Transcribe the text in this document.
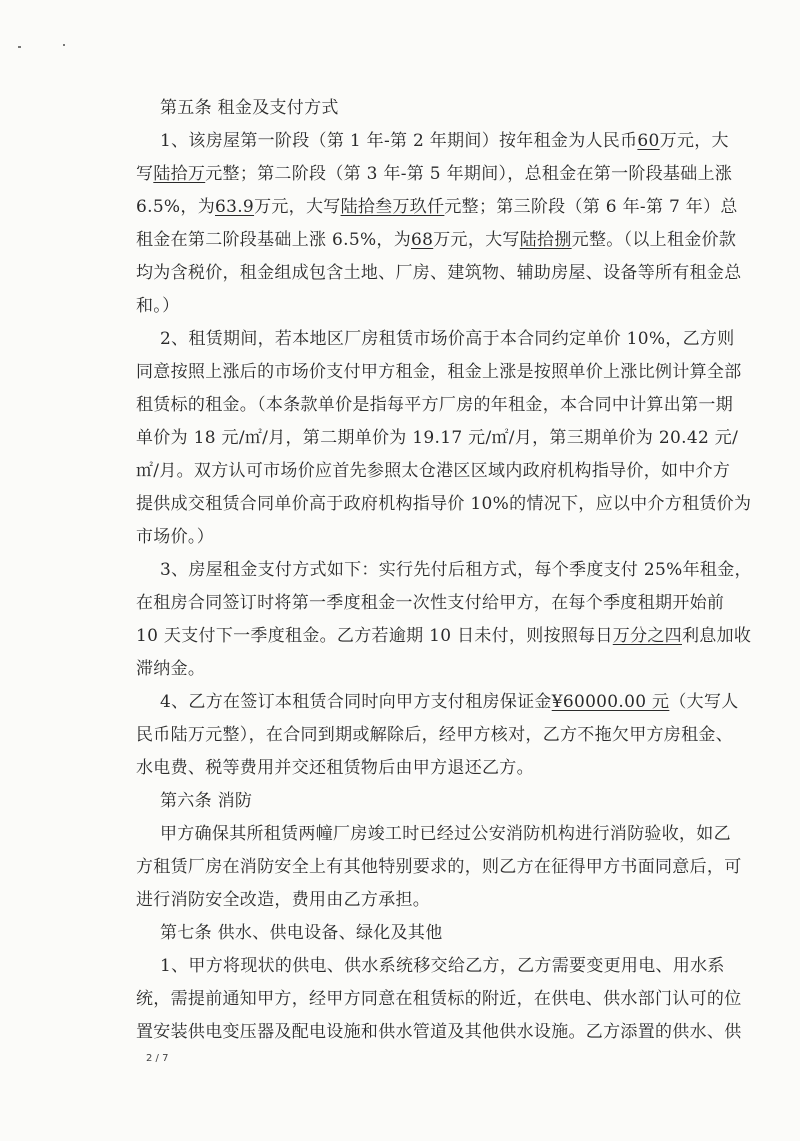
第五条 租金及支付方式
1、该房屋第一阶段（第 1 年-第 2 年期间）按年租金为人民币60万元，大
写陆拾万元整；第二阶段（第 3 年-第 5 年期间），总租金在第一阶段基础上涨
6.5%，为63.9万元，大写陆拾叁万玖仟元整；第三阶段（第 6 年-第 7 年）总
租金在第二阶段基础上涨 6.5%，为68万元，大写陆拾捌元整。（以上租金价款
均为含税价，租金组成包含土地、厂房、建筑物、辅助房屋、设备等所有租金总
和。）
2、租赁期间，若本地区厂房租赁市场价高于本合同约定单价 10%，乙方则
同意按照上涨后的市场价支付甲方租金，租金上涨是按照单价上涨比例计算全部
租赁标的租金。（本条款单价是指每平方厂房的年租金，本合同中计算出第一期
单价为 18 元/㎡/月，第二期单价为 19.17 元/㎡/月，第三期单价为 20.42 元/
㎡/月。双方认可市场价应首先参照太仓港区区域内政府机构指导价，如中介方
提供成交租赁合同单价高于政府机构指导价 10%的情况下，应以中介方租赁价为
市场价。）
3、房屋租金支付方式如下：实行先付后租方式，每个季度支付 25%年租金，
在租房合同签订时将第一季度租金一次性支付给甲方，在每个季度租期开始前
10 天支付下一季度租金。乙方若逾期 10 日未付，则按照每日万分之四利息加收
滞纳金。
4、乙方在签订本租赁合同时向甲方支付租房保证金¥60000.00 元（大写人
民币陆万元整），在合同到期或解除后，经甲方核对，乙方不拖欠甲方房租金、
水电费、税等费用并交还租赁物后由甲方退还乙方。
第六条 消防
甲方确保其所租赁两幢厂房竣工时已经过公安消防机构进行消防验收，如乙
方租赁厂房在消防安全上有其他特别要求的，则乙方在征得甲方书面同意后，可
进行消防安全改造，费用由乙方承担。
第七条 供水、供电设备、绿化及其他
1、甲方将现状的供电、供水系统移交给乙方，乙方需要变更用电、用水系
统，需提前通知甲方，经甲方同意在租赁标的附近，在供电、供水部门认可的位
置安装供电变压器及配电设施和供水管道及其他供水设施。乙方添置的供水、供
2 / 7
